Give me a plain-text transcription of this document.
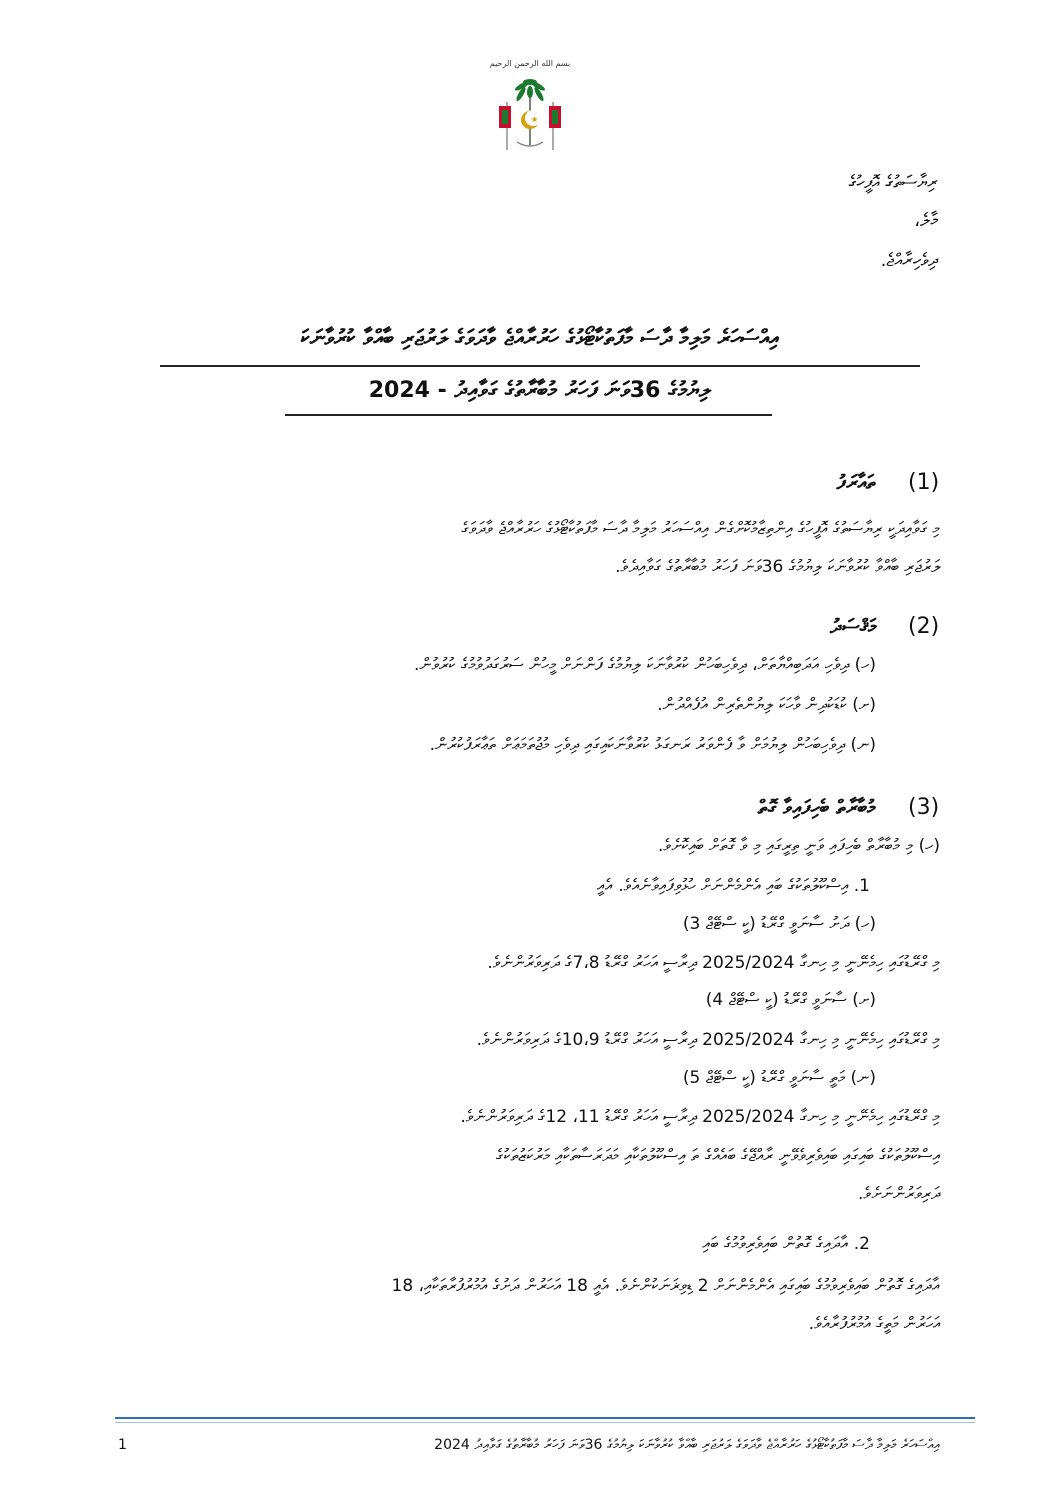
بسم الله الرحمن الرحيم
ރިޔާސަތުގެ އޮފީހުގެ
މާލެ،
ދިވެހިރާއްޖެ.
އިއްސަހަރެ މަލިމާ ދާސަ މާފަތުކާޓޯޅުގެ ހަރުރާއްޖެ ވާދަވަގެ ލަރުޖަރި ބާއްވާ ކުރުވާނަކަ
2024 - ލިޔުމުގެ 36ވަނަ ފަހަރު މުބާރާތުގެ ގަވާއިދު
(1)
ތައާރަފު
މި ގަވާއިދަކީ ރިޔާސަތުގެ އޮފީހުގެ އިންތިޒާމުކޮށްގެން އިއްސަހަރު މަލިމާ ދާސަ މާފަތުކާޓޯޅުގެ ހަރުރާއްޖެ ވާދަވަގެ
ލަރުޖަރި ބާއްވާ ކުރުވާނަކަ ލިޔުމުގެ 36ވަނަ ފަހަރު މުބާރާތުގެ ގަވާއިދެވެ.
(2)
މަޤްސަދު
(ހ) ދިވެހި އަދަބިއްޔާތަށް، ދިވެހިބަހުން ކުރުވާނަކަ ލިޔުމުގެ ފަންނަށް މީހުން ސަރުގަދުވުމުގެ ކުރުވުން.
(ށ) ކުޑަކުދިން ވާހަކަ ލިޔުންތެރިން އުފެއްދުން.
(ނ) ދިވެހިބަހުން ލިޔުމަށް ވާ ފެންވަރު ރަނގަޅު ކުރުވާނަކައިގައި ދިވެހި މުޖުތަމަޢަށް ތަޢާރަފުކުރުން.
(3)
މުބާރާތް ބެހިފައިވާ ގޮތް
(ހ) މި މުބާރާތް ބެހިފައި ވަނީ ތިރީގައި މި ވާ ގޮތަށް ބައިކޮށެވެ.
1. އިސްކޫލުތަކުގެ ބައި އެންމެންނަށް ހުޅުވިފައިވާނެއެވެ. އެއީ
(ހ) ދަށު ސާނަވީ ގްރޭޑު (ކީ ސްޓޭޖް 3)
މި ގްރޭޑުގައި ހިމެނޭނީ މި ހިނގާ 2025/2024 ދިރާސީ އަހަރު ގްރޭޑު 7،8ގެ ދަރިވަރުންނެވެ.
(ށ) ސާނަވީ ގްރޭޑު (ކީ ސްޓޭޖް 4)
މި ގްރޭޑުގައި ހިމެނޭނީ މި ހިނގާ 2025/2024 ދިރާސީ އަހަރު ގްރޭޑު 10،9ގެ ދަރިވަރުންނެވެ.
(ނ) މަތީ ސާނަވީ ގްރޭޑު (ކީ ސްޓޭޖް 5)
މި ގްރޭޑުގައި ހިމެނޭނީ މި ހިނގާ 2025/2024 ދިރާސީ އަހަރު ގްރޭޑު 11، 12ގެ ދަރިވަރުންނެވެ.
އިސްކޫލުތަކުގެ ބައިގައި ބައިވެރިވެވޭނީ ރާއްޖޭގެ ބައެއްގެ ތަ އިސްކޫލުތަކާއި މަދަރަސާތަކާއި މަރުކަޒުތަކުގެ
ދަރިވަރުންނަށެވެ.
2. އާދައިގެ ގޮތުން ބައިވެރިވުމުގެ ބައި
އާދައިގެ ގޮތުން ބައިވެރިވުމުގެ ބައިގައި އެންމެންނަށް 2 ޑިވިޜަނަކުންނެވެ. އެއީ 18 އަހަރުން ދަށުގެ އުމުރުފުރާތަކާއި، 18
އަހަރުން މަތީގެ އުމުރުފުރާއެވެ.
1	އިއްސަހަރެ މަލިމާ ދާސަ މާފަތުކާޓޯޅުގެ ހަރުރާއްޖެ ވާދަވަގެ ލަރުޖަރި ބާއްވާ ކުރުވާނަކަ ލިޔުމުގެ 36ވަނަ ފަހަރު މުބާރާތުގެ ގަވާއިދު 2024
